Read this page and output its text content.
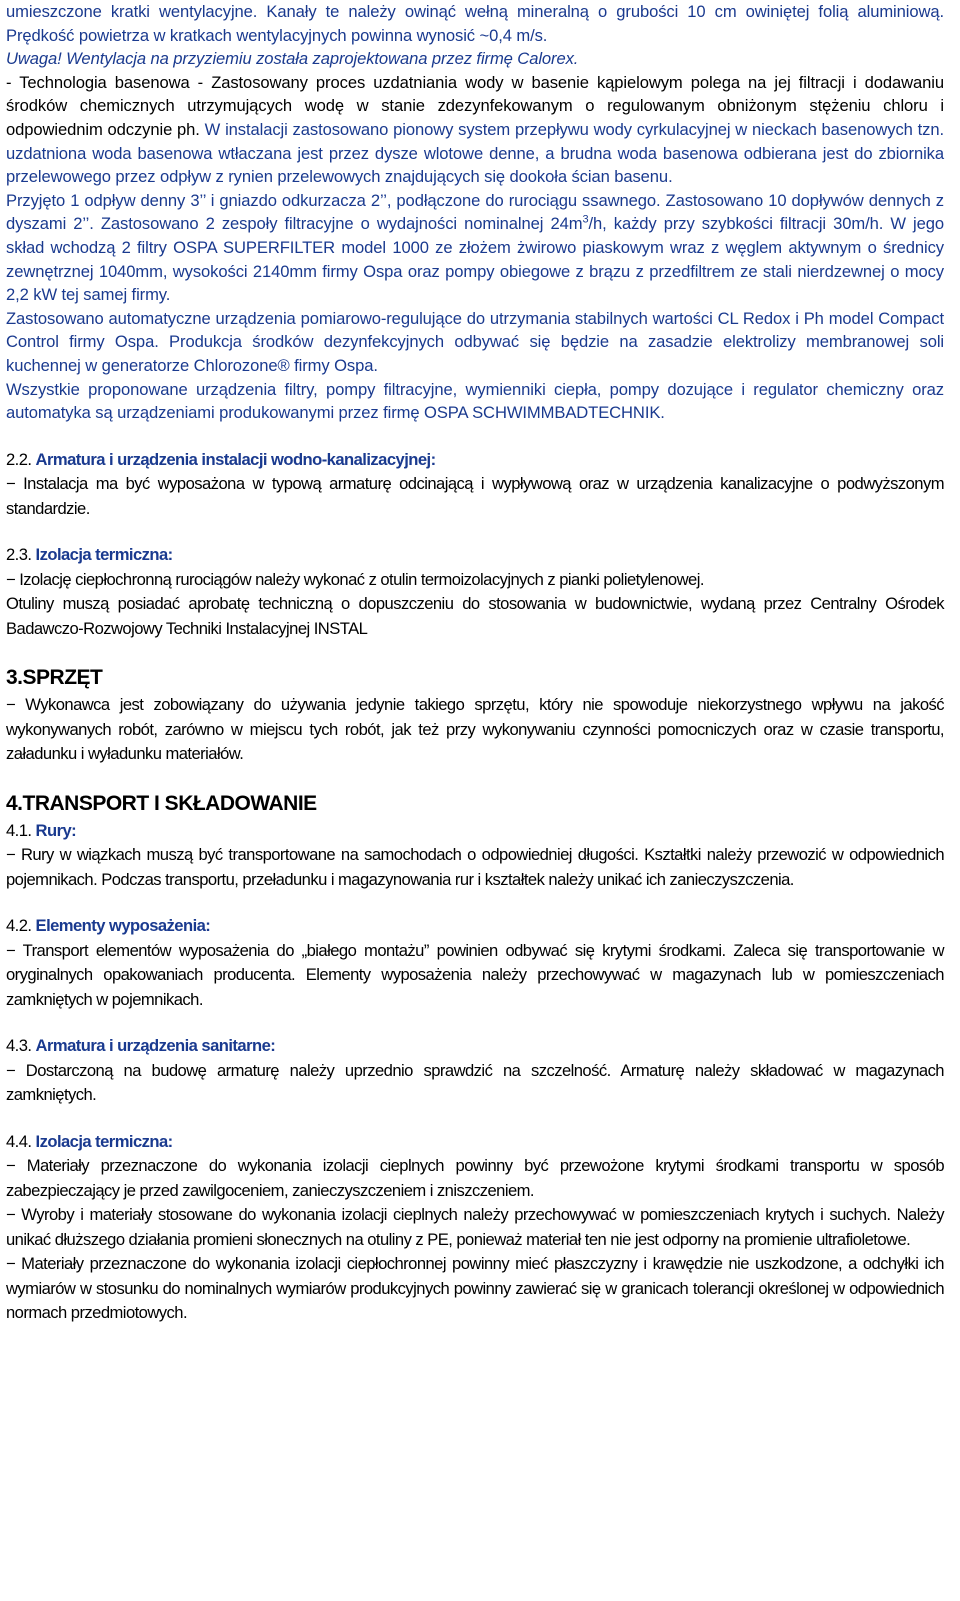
umieszczone kratki wentylacyjne. Kanały te należy owinąć wełną mineralną o grubości 10 cm owiniętej folią aluminiową. Prędkość powietrza w kratkach wentylacyjnych powinna wynosić ~0,4 m/s.

Uwaga! Wentylacja na przyziemiu została zaprojektowana przez firmę Calorex.

- Technologia basenowa - Zastosowany proces uzdatniania wody w basenie kąpielowym polega na jej filtracji i dodawaniu środków chemicznych utrzymujących wodę w stanie zdezynfekowanym o regulowanym obniżonym stężeniu chloru i odpowiednim odczynie ph. W instalacji zastosowano pionowy system przepływu wody cyrkulacyjnej w nieckach basenowych tzn. uzdatniona woda basenowa wtłaczana jest przez dysze wlotowe denne, a brudna woda basenowa odbierana jest do zbiornika przelewowego przez odpływ z rynien przelewowych znajdujących się dookoła ścian basenu.

Przyjęto 1 odpływ denny 3’’ i gniazdo odkurzacza 2’’, podłączone do rurociągu ssawnego. Zastosowano 10 dopływów dennych z dyszami 2’’. Zastosowano 2 zespoły filtracyjne o wydajności nominalnej $24m^3/h$, każdy przy szybkości filtracji 30m/h. W jego skład wchodzą 2 filtry OSPA SUPERFILTER model 1000 ze złożem żwirowo piaskowym wraz z węglem aktywnym o średnicy zewnętrznej 1040mm, wysokości 2140mm firmy Ospa oraz pompy obiegowe z brązu z przedfiltrem ze stali nierdzewnej o mocy 2,2 kW tej samej firmy.

Zastosowano automatyczne urządzenia pomiarowo-regulujące do utrzymania stabilnych wartości CL Redox i Ph model Compact Control firmy Ospa. Produkcja środków dezynfekcyjnych odbywać się będzie na zasadzie elektrolizy membranowej soli kuchennej w generatorze Chlorozone® firmy Ospa.

Wszystkie proponowane urządzenia filtry, pompy filtracyjne, wymienniki ciepła, pompy dozujące i regulator chemiczny oraz automatyka są urządzeniami produkowanymi przez firmę OSPA SCHWIMMBADTECHNIK.

2.2. Armatura i urządzenia instalacji wodno-kanalizacyjnej:

− Instalacja ma być wyposażona w typową armaturę odcinającą i wypływową oraz w urządzenia kanalizacyjne o podwyższonym standardzie.

2.3. Izolacja termiczna:

− Izolację ciepłochronną rurociągów należy wykonać z otulin termoizolacyjnych z pianki polietylenowej.

Otuliny muszą posiadać aprobatę techniczną o dopuszczeniu do stosowania w budownictwie, wydaną przez Centralny Ośrodek Badawczo-Rozwojowy Techniki Instalacyjnej INSTAL

3.SPRZĘT

− Wykonawca jest zobowiązany do używania jedynie takiego sprzętu, który nie spowoduje niekorzystnego wpływu na jakość wykonywanych robót, zarówno w miejscu tych robót, jak też przy wykonywaniu czynności pomocniczych oraz w czasie transportu, załadunku i wyładunku materiałów.

4.TRANSPORT I SKŁADOWANIE

4.1. Rury:

− Rury w wiązkach muszą być transportowane na samochodach o odpowiedniej długości. Kształtki należy przewozić w odpowiednich pojemnikach. Podczas transportu, przeładunku i magazynowania rur i kształtek należy unikać ich zanieczyszczenia.

4.2. Elementy wyposażenia:

− Transport elementów wyposażenia do „białego montażu” powinien odbywać się krytymi środkami. Zaleca się transportowanie w oryginalnych opakowaniach producenta. Elementy wyposażenia należy przechowywać w magazynach lub w pomieszczeniach zamkniętych w pojemnikach.

4.3. Armatura i urządzenia sanitarne:

− Dostarczoną na budowę armaturę należy uprzednio sprawdzić na szczelność. Armaturę należy składować w magazynach zamkniętych.

4.4. Izolacja termiczna:

− Materiały przeznaczone do wykonania izolacji cieplnych powinny być przewożone krytymi środkami transportu w sposób zabezpieczający je przed zawilgoceniem, zanieczyszczeniem i zniszczeniem.

− Wyroby i materiały stosowane do wykonania izolacji cieplnych należy przechowywać w pomieszczeniach krytych i suchych. Należy unikać dłuższego działania promieni słonecznych na otuliny z PE, ponieważ materiał ten nie jest odporny na promienie ultrafioletowe.

− Materiały przeznaczone do wykonania izolacji ciepłochronnej powinny mieć płaszczyzny i krawędzie nie uszkodzone, a odchyłki ich wymiarów w stosunku do nominalnych wymiarów produkcyjnych powinny zawierać się w granicach tolerancji określonej w odpowiednich normach przedmiotowych.
